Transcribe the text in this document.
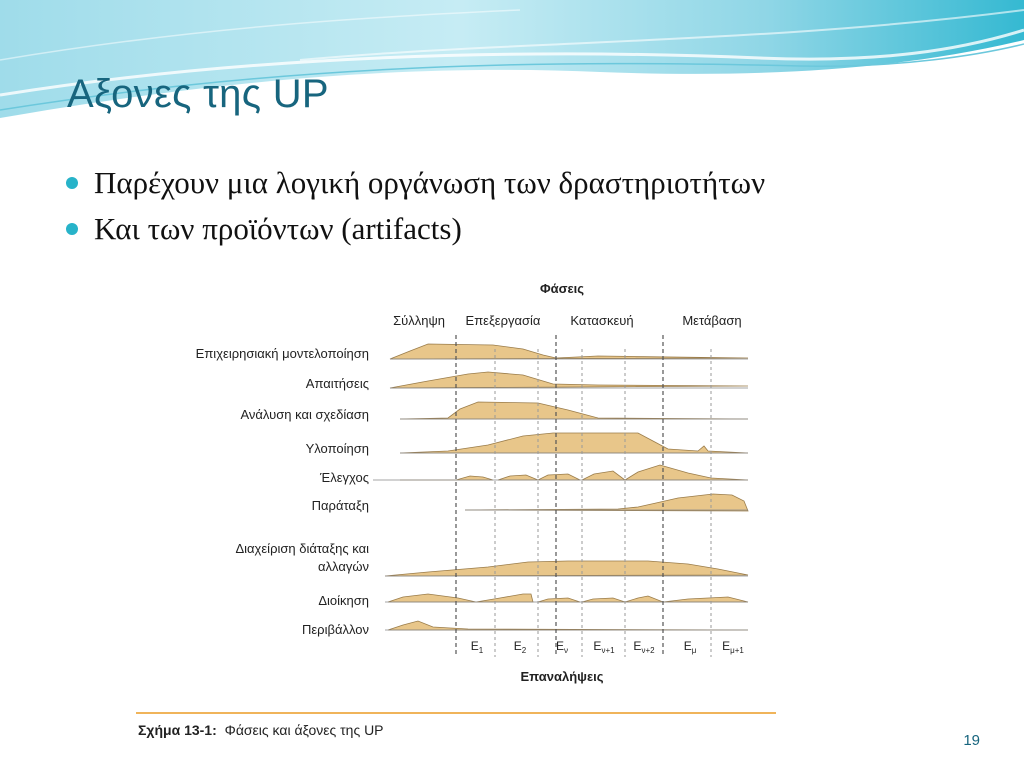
Αξονες της UP
Παρέχουν μια λογική οργάνωση των δραστηριοτήτων
Και των προϊόντων (artifacts)
Φάσεις
Σύλληψη Επεξεργασία Κατασκευή	Μετάβαση
Επιχειρησιακή μοντελοποίηση
Απαιτήσεις
Ανάλυση και σχεδίαση
Υλοποίηση
Έλεγχος
Παράταξη
Διαχείριση διάταξης και
αλλαγών
Διοίκηση
Περιβάλλον
$E_1$	$E_2$ $E_\nu$ $E_{\nu+1}$ $E_{\nu+2}$ $E_\mu$ $E_{\mu+1}$
Επαναλήψεις
Σχήμα 13-1: Φάσεις και άξονες της UP
19
